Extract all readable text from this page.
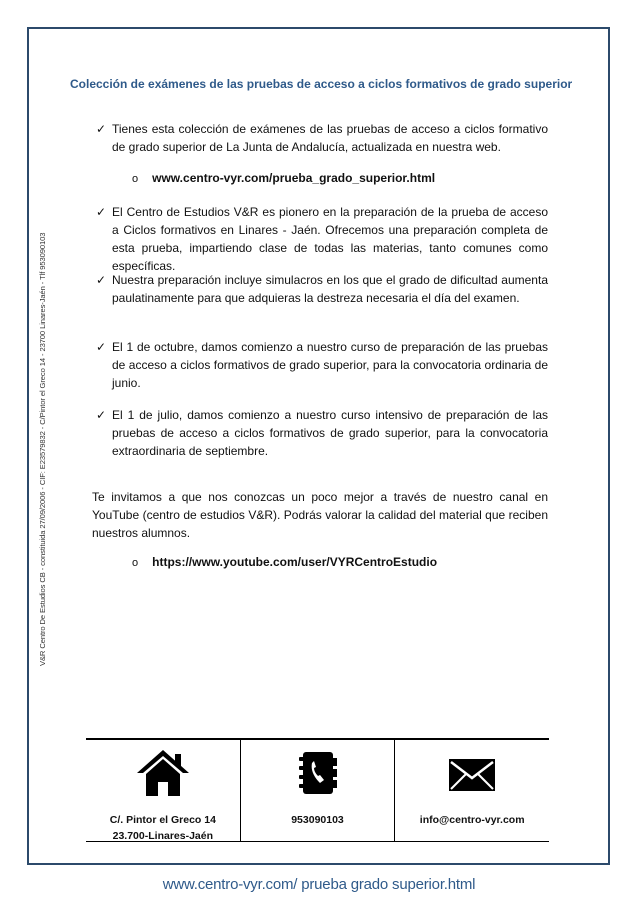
V&R Centro De Estudios CB - constituida 27/09/2006 - CIF: E23579832 - C/Pintor el Greco 14 - 23700 Linares-Jaén - Tlf 953090103
Colección de exámenes de las pruebas de acceso a ciclos formativos de grado superior
✓ Tienes esta colección de exámenes de las pruebas de acceso a ciclos formativo de grado superior de La Junta de Andalucía, actualizada en nuestra web.
o www.centro-vyr.com/prueba_grado_superior.html
✓ El Centro de Estudios V&R es pionero en la preparación de la prueba de acceso a Ciclos formativos en Linares - Jaén. Ofrecemos una preparación completa de esta prueba, impartiendo clase de todas las materias, tanto comunes como específicas.
✓ Nuestra preparación incluye simulacros en los que el grado de dificultad aumenta paulatinamente para que adquieras la destreza necesaria el día del examen.
✓ El 1 de octubre, damos comienzo a nuestro curso de preparación de las pruebas de acceso a ciclos formativos de grado superior, para la convocatoria ordinaria de junio.
✓ El 1 de julio, damos comienzo a nuestro curso intensivo de preparación de las pruebas de acceso a ciclos formativos de grado superior, para la convocatoria extraordinaria de septiembre.
Te invitamos a que nos conozcas un poco mejor a través de nuestro canal en YouTube (centro de estudios V&R). Podrás valorar la calidad del material que reciben nuestros alumnos.
o https://www.youtube.com/user/VYRCentroEstudio
C/. Pintor el Greco 14
23.700-Linares-Jaén
953090103	info@centro-vyr.com
www.centro-vyr.com/ prueba grado superior.html
